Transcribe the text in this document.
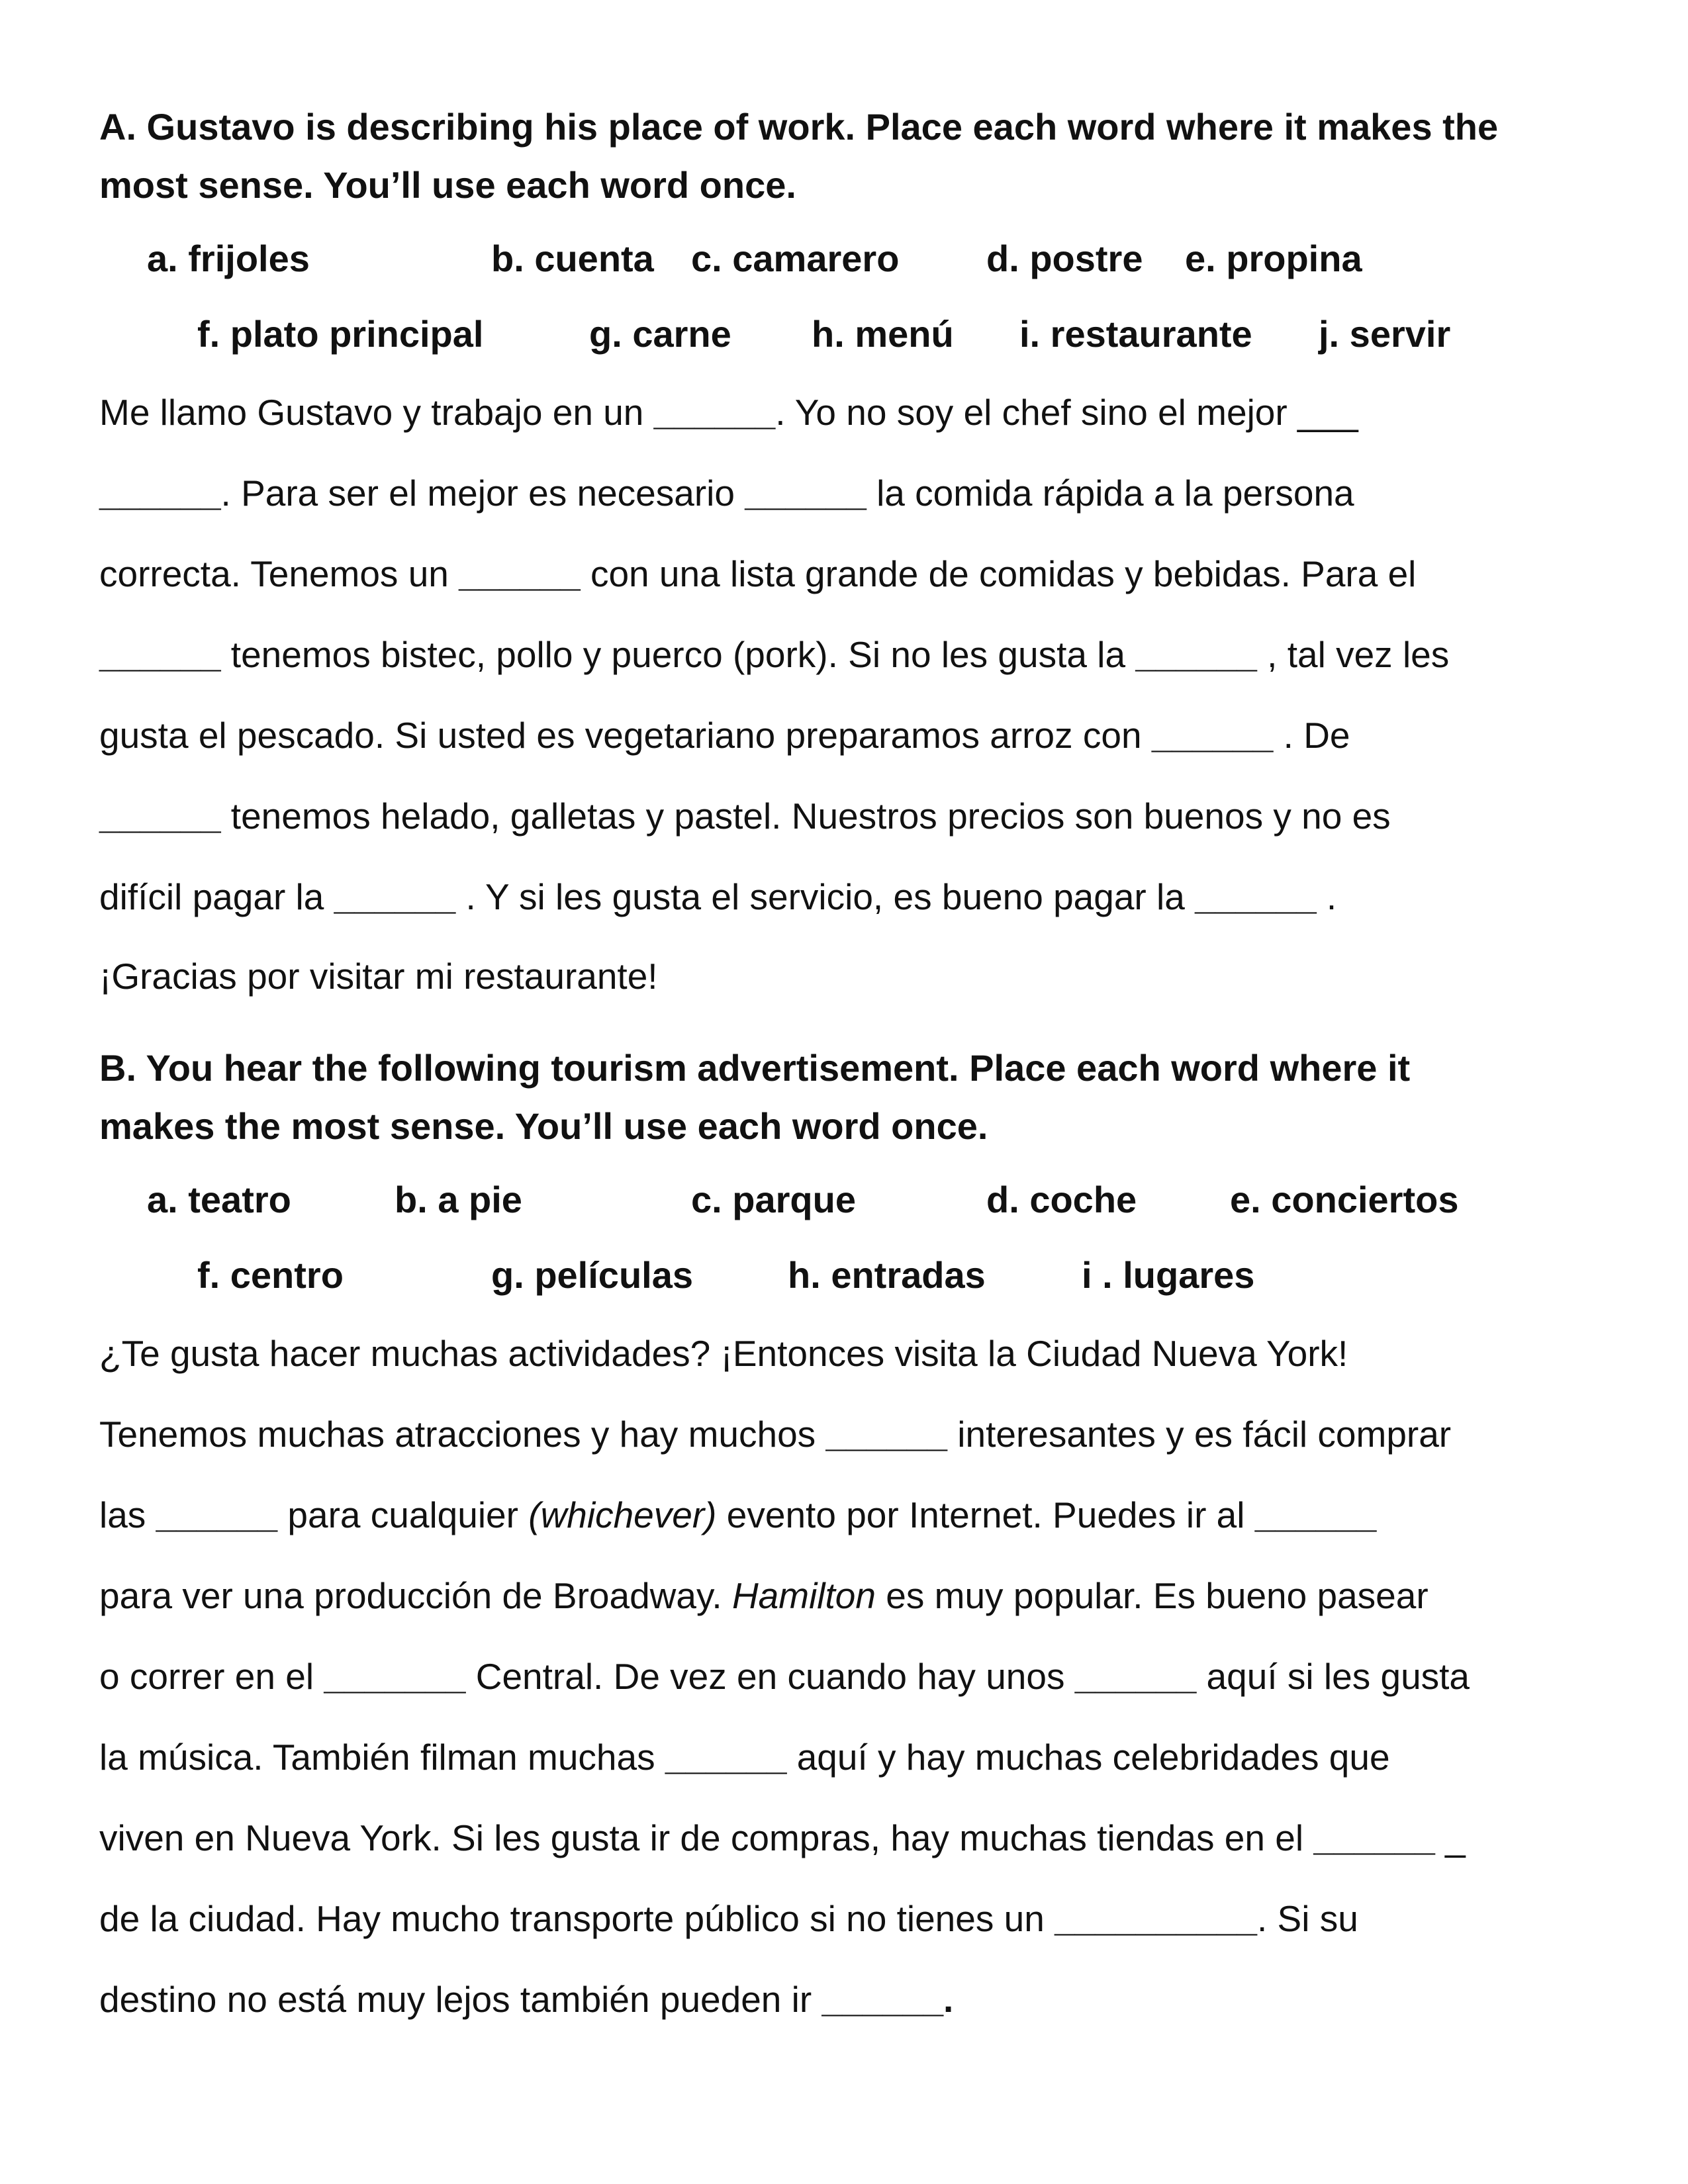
A. Gustavo is describing his place of work. Place each word where it makes the
most sense. You’ll use each word once.
a. frijoles	b. cuenta c. camarero d. postre e. propina
f. plato principal	g. carne h. menú i. restaurante j. servir

Me llamo Gustavo y trabajo en un ______. Yo no soy el chef sino el mejor ___

______. Para ser el mejor es necesario ______ la comida rápida a la persona

correcta. Tenemos un ______ con una lista grande de comidas y bebidas. Para el

______ tenemos bistec, pollo y puerco (pork). Si no les gusta la ______ , tal vez les

gusta el pescado. Si usted es vegetariano preparamos arroz con ______ . De

______ tenemos helado, galletas y pastel. Nuestros precios son buenos y no es

difícil pagar la ______ . Y si les gusta el servicio, es bueno pagar la ______ .

¡Gracias por visitar mi restaurante!

B. You hear the following tourism advertisement. Place each word where it
makes the most sense. You’ll use each word once.
a. teatro	b. a pie	c. parque	d. coche	e. conciertos
f. centro	g. películas	h. entradas	i . lugares

¿Te gusta hacer muchas actividades? ¡Entonces visita la Ciudad Nueva York!

Tenemos muchas atracciones y hay muchos ______ interesantes y es fácil comprar

las ______ para cualquier (whichever) evento por Internet. Puedes ir al ______

para ver una producción de Broadway. Hamilton es muy popular. Es bueno pasear

o correr en el _______ Central. De vez en cuando hay unos ______ aquí si les gusta

la música. También filman muchas ______ aquí y hay muchas celebridades que

viven en Nueva York. Si les gusta ir de compras, hay muchas tiendas en el ______ _

de la ciudad. Hay mucho transporte público si no tienes un __________. Si su

destino no está muy lejos también pueden ir ______.
